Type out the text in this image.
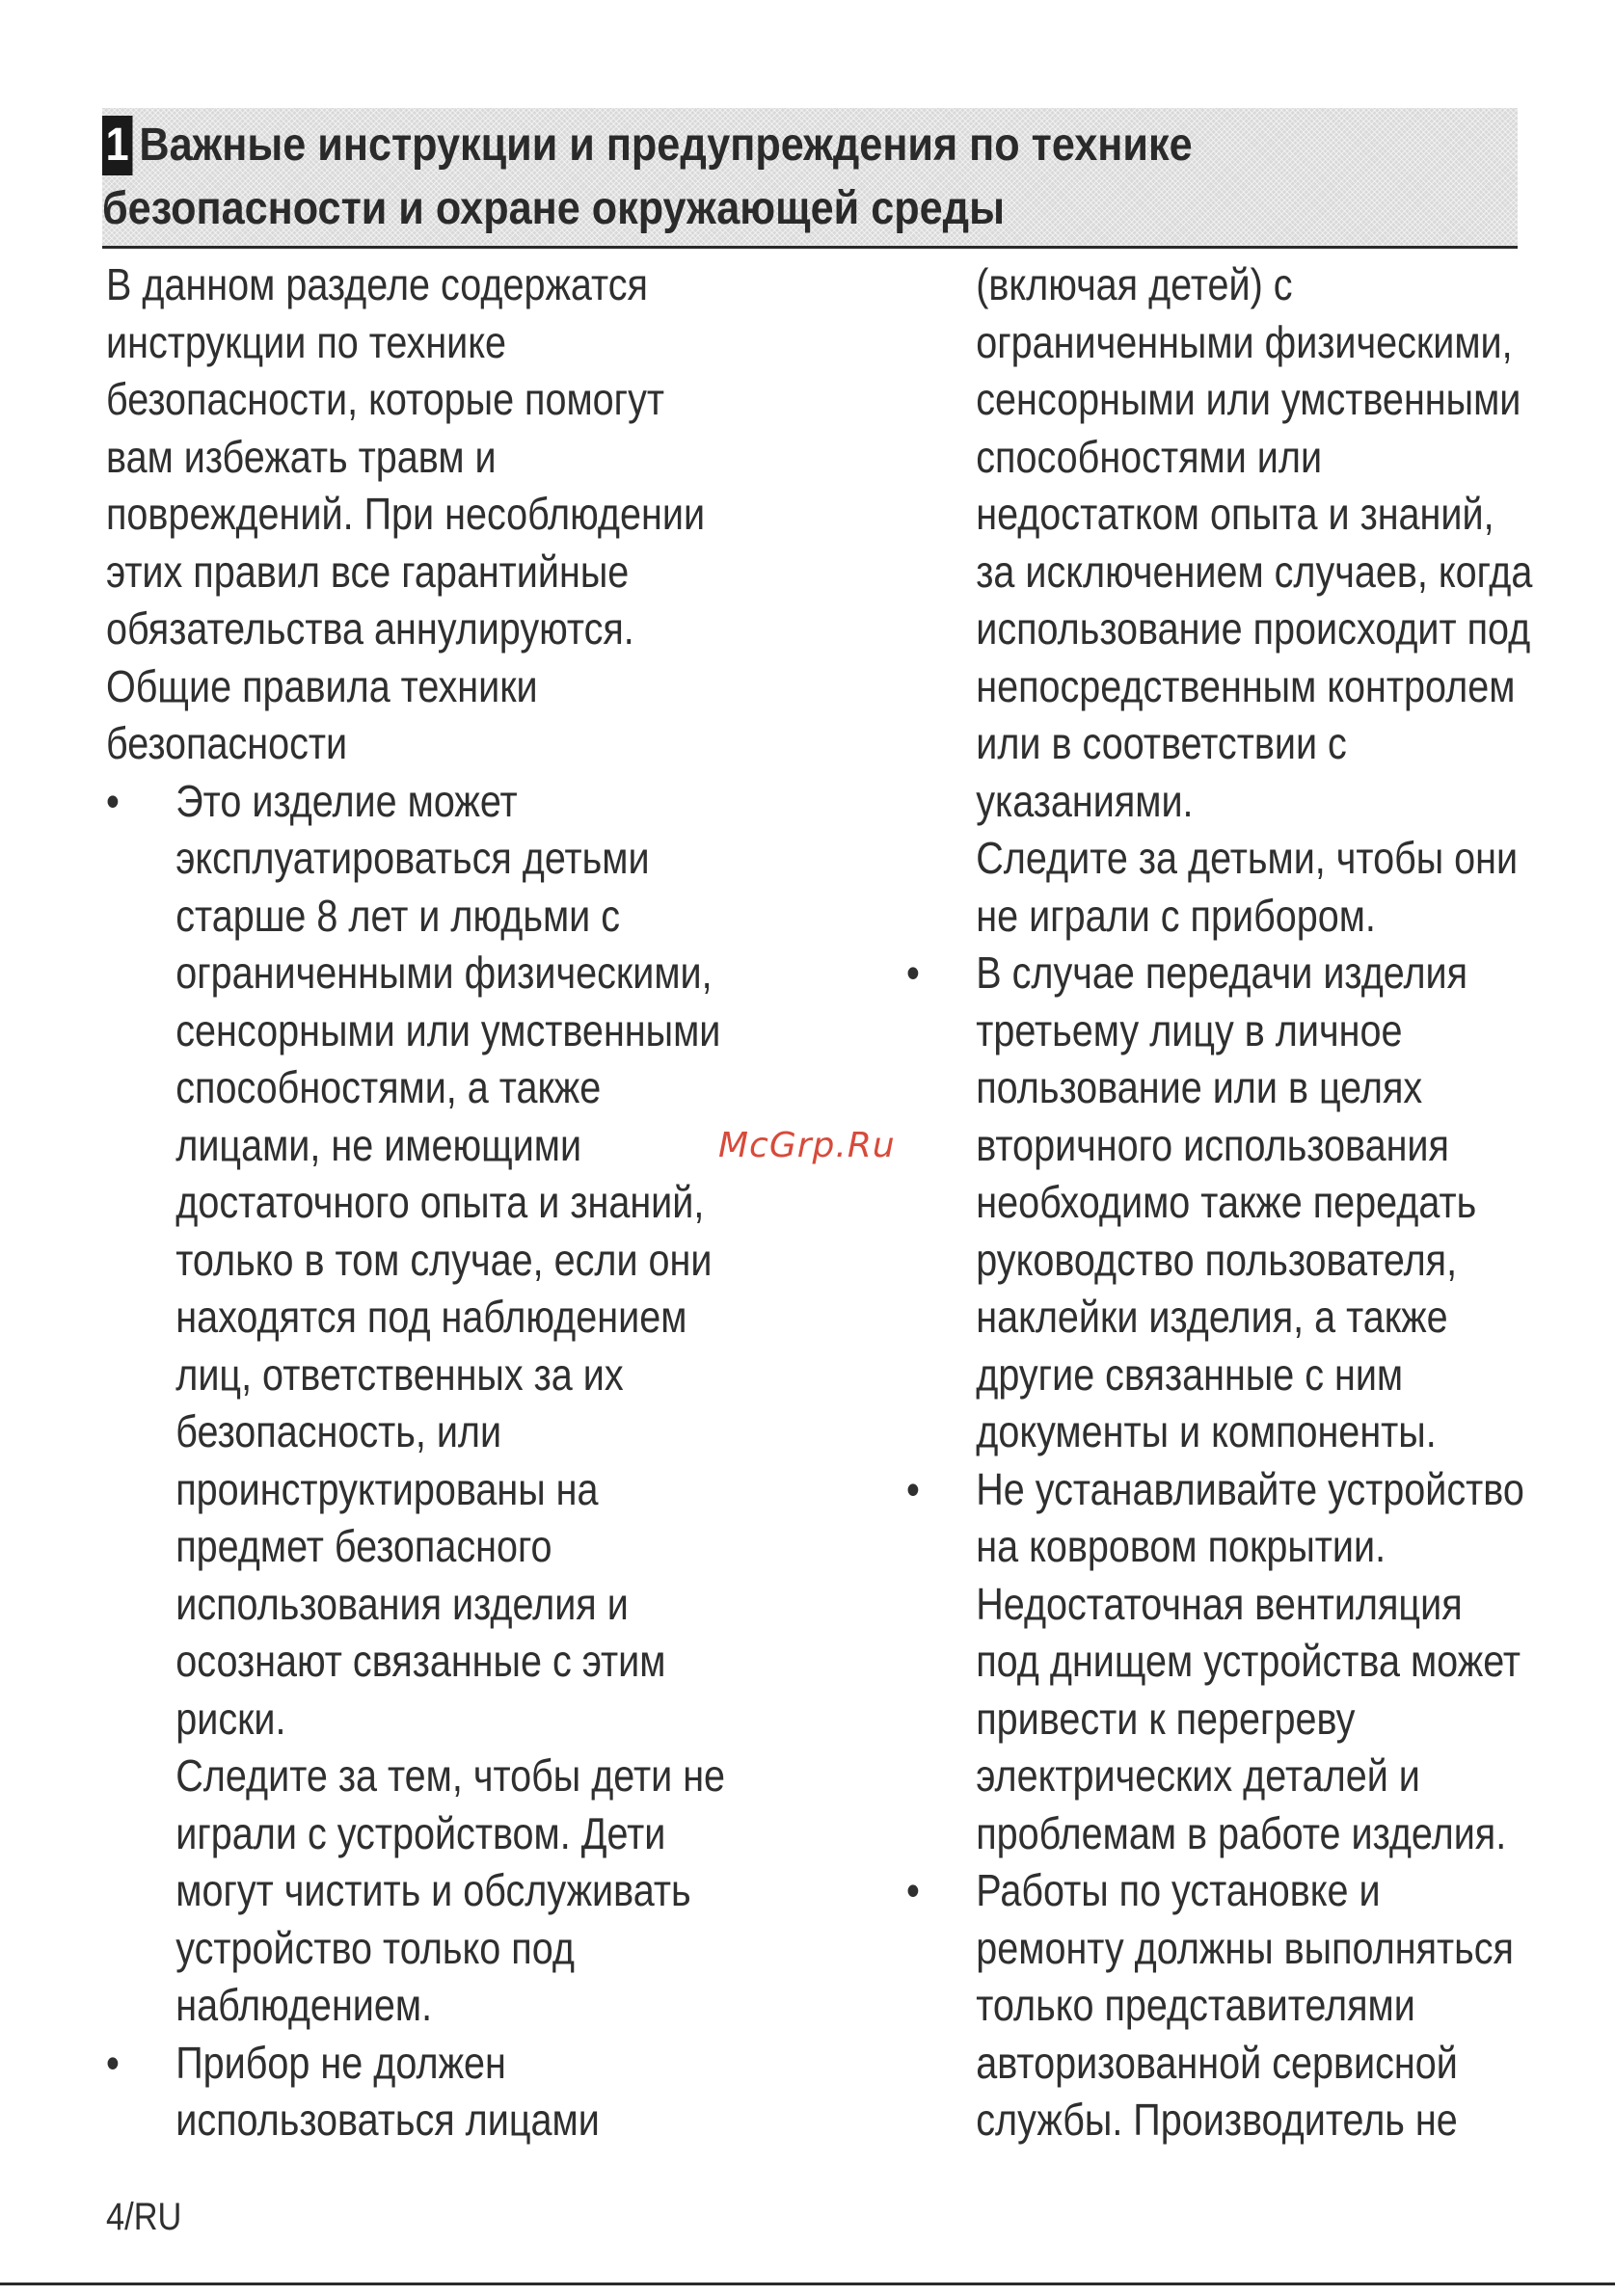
1 Важные инструкции и предупреждения по технике
безопасности и охране окружающей среды

В данном разделе содержатся
инструкции по технике
безопасности, которые помогут
вам избежать травм и
повреждений. При несоблюдении
этих правил все гарантийные
обязательства аннулируются.

Общие правила техники
безопасности

• Это изделие может
эксплуатироваться детьми
старше 8 лет и людьми с
ограниченными физическими,
сенсорными или умственными
способностями, а также
лицами, не имеющими
достаточного опыта и знаний,
только в том случае, если они
находятся под наблюдением
лиц, ответственных за их
безопасность, или
проинструктированы на
предмет безопасного
использования изделия и
осознают связанные с этим
риски.
Следите за тем, чтобы дети не
играли с устройством. Дети
могут чистить и обслуживать
устройство только под
наблюдением.
• Прибор не должен
использоваться лицами
(включая детей) с
ограниченными физическими,
сенсорными или умственными
способностями или
недостатком опыта и знаний,
за исключением случаев, когда
использование происходит под
непосредственным контролем
или в соответствии с
указаниями.
Следите за детьми, чтобы они
не играли с прибором.
• В случае передачи изделия
третьему лицу в личное
пользование или в целях
вторичного использования
необходимо также передать
руководство пользователя,
наклейки изделия, а также
другие связанные с ним
документы и компоненты.
• Не устанавливайте устройство
на ковровом покрытии.
Недостаточная вентиляция
под днищем устройства может
привести к перегреву
электрических деталей и
проблемам в работе изделия.
• Работы по установке и
ремонту должны выполняться
только представителями
авторизованной сервисной
службы. Производитель не
McGrp.Ru
4/RU
